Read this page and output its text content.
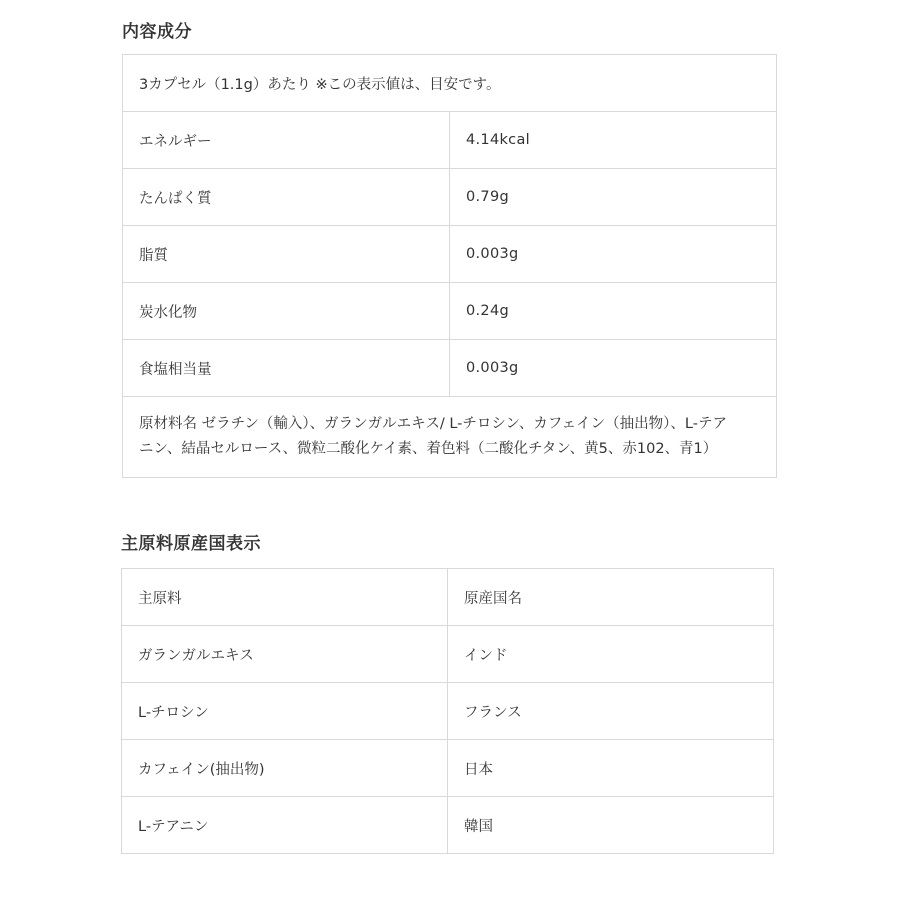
内容成分
3カプセル（1.1g）あたり ※この表示値は、目安です。	
エネルギー	4.14kcal
たんぱく質	0.79g
脂質	0.003g
炭水化物	0.24g
食塩相当量	0.003g

原材料名 ゼラチン（輸入）、ガランガルエキス/ L-チロシン、カフェイン（抽出物）、L-テア
ニン、結晶セルロース、微粒二酸化ケイ素、着色料（二酸化チタン、黄5、赤102、青1）	
主原料原産国表示
主原料	原産国名
ガランガルエキス	インド
L-チロシン	フランス
カフェイン(抽出物)	日本
L-テアニン	韓国
